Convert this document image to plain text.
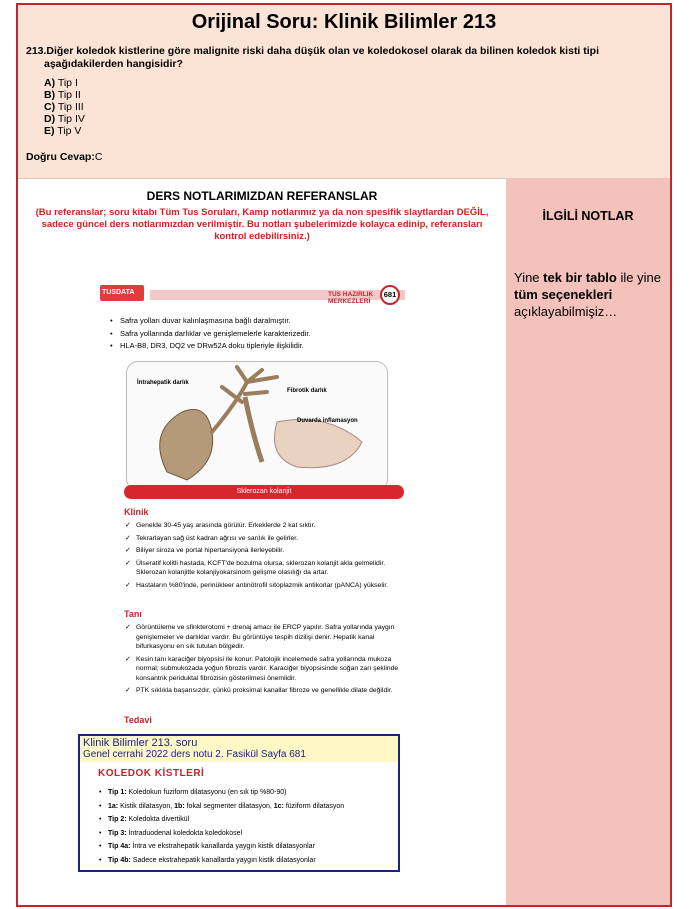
Orijinal Soru: Klinik Bilimler 213
213.Diğer koledok kistlerine göre malignite riski daha düşük olan ve koledokosel olarak da bilinen koledok kisti tipi aşağıdakilerden hangisidir?
A) Tip I
B) Tip II
C) Tip III
D) Tip IV
E) Tip V
Doğru Cevap:C
DERS NOTLARIMIZDAN REFERANSLAR
(Bu referanslar; soru kitabı Tüm Tus Soruları, Kamp notlarımız ya da non spesifik slaytlardan DEĞİL, sadece güncel ders notlarımızdan verilmiştir. Bu notları şubelerimizde kolayca edinip, referansları kontrol edebilirsiniz.)
İLGİLİ NOTLAR
Yine tek bir tablo ile yine tüm seçenekleri açıklayabilmişiz…
TUSDATA	TUS HAZIRLIK MERKEZLERİ
681
• Safra yolları duvar kalınlaşmasına bağlı daralmıştır.
• Safra yollarında darlıklar ve genişlemelerle karakterizedir.
• HLA-B8, DR3, DQ2 ve DRw52A doku tipleriyle ilişkilidir.
İntrahepatik darlık
Fibrotik darlık
Duvarda inflamasyon
Sklerozan kolanjit
Klinik
✓ Genelde 30-45 yaş arasında görülür. Erkeklerde 2 kat sıktır.
✓ Tekrarlayan sağ üst kadran ağrısı ve sarılık ile gelirler.
✓ Biliyer siroza ve portal hipertansiyona ilerleyebilir.
✓ Ülseratif kolitli hastada, KCFT'de bozulma olursa, sklerozan kolanjit akla gelmelidir. Sklerozan kolanjitte kolanjiyokarsinom gelişme olasılığı da artar.
✓ Hastaların %80'inde, perinükleer antinötrofil sitoplazmik antikorlar (pANCA) yükselir.
Tanı
✓ Görüntüleme ve sfinkterotomi + drenaj amacı ile ERCP yapılır. Safra yollarında yaygın genişlemeler ve darlıklar vardır. Bu görüntüye tespih dizilişi denir. Hepatik kanal bifurkasyonu en sık tutulan bölgedir.
✓ Kesin tanı karaciğer biyopsisi ile konur. Patolojik incelemede safra yollarında mukoza normal; submukozada yoğun fibrozis vardır. Karaciğer biyopsisinde soğan zarı şeklinde konsantrik periduktal fibrozisin gösterilmesi önemlidir.
✓ PTK sıklıkla başarısızdır, çünkü proksimal kanallar fibroze ve genellikle dilate değildir.
Tedavi
Klinik Bilimler 213. soru
Genel cerrahi 2022 ders notu 2. Fasikül Sayfa 681
KOLEDOK KİSTLERİ
• Tip 1: Koledokun fuziform dilatasyonu (en sık tip %80-90)
• 1a: Kistik dilatasyon, 1b: fokal segmenter dilatasyon, 1c: füziform dilatasyon
• Tip 2: Koledokta divertikül
• Tip 3: İntraduodenal koledokta koledokosel
• Tip 4a: İntra ve ekstrahepatik kanallarda yaygın kistik dilatasyonlar
• Tip 4b: Sadece ekstrahepatik kanallarda yaygın kistik dilatasyonlar
